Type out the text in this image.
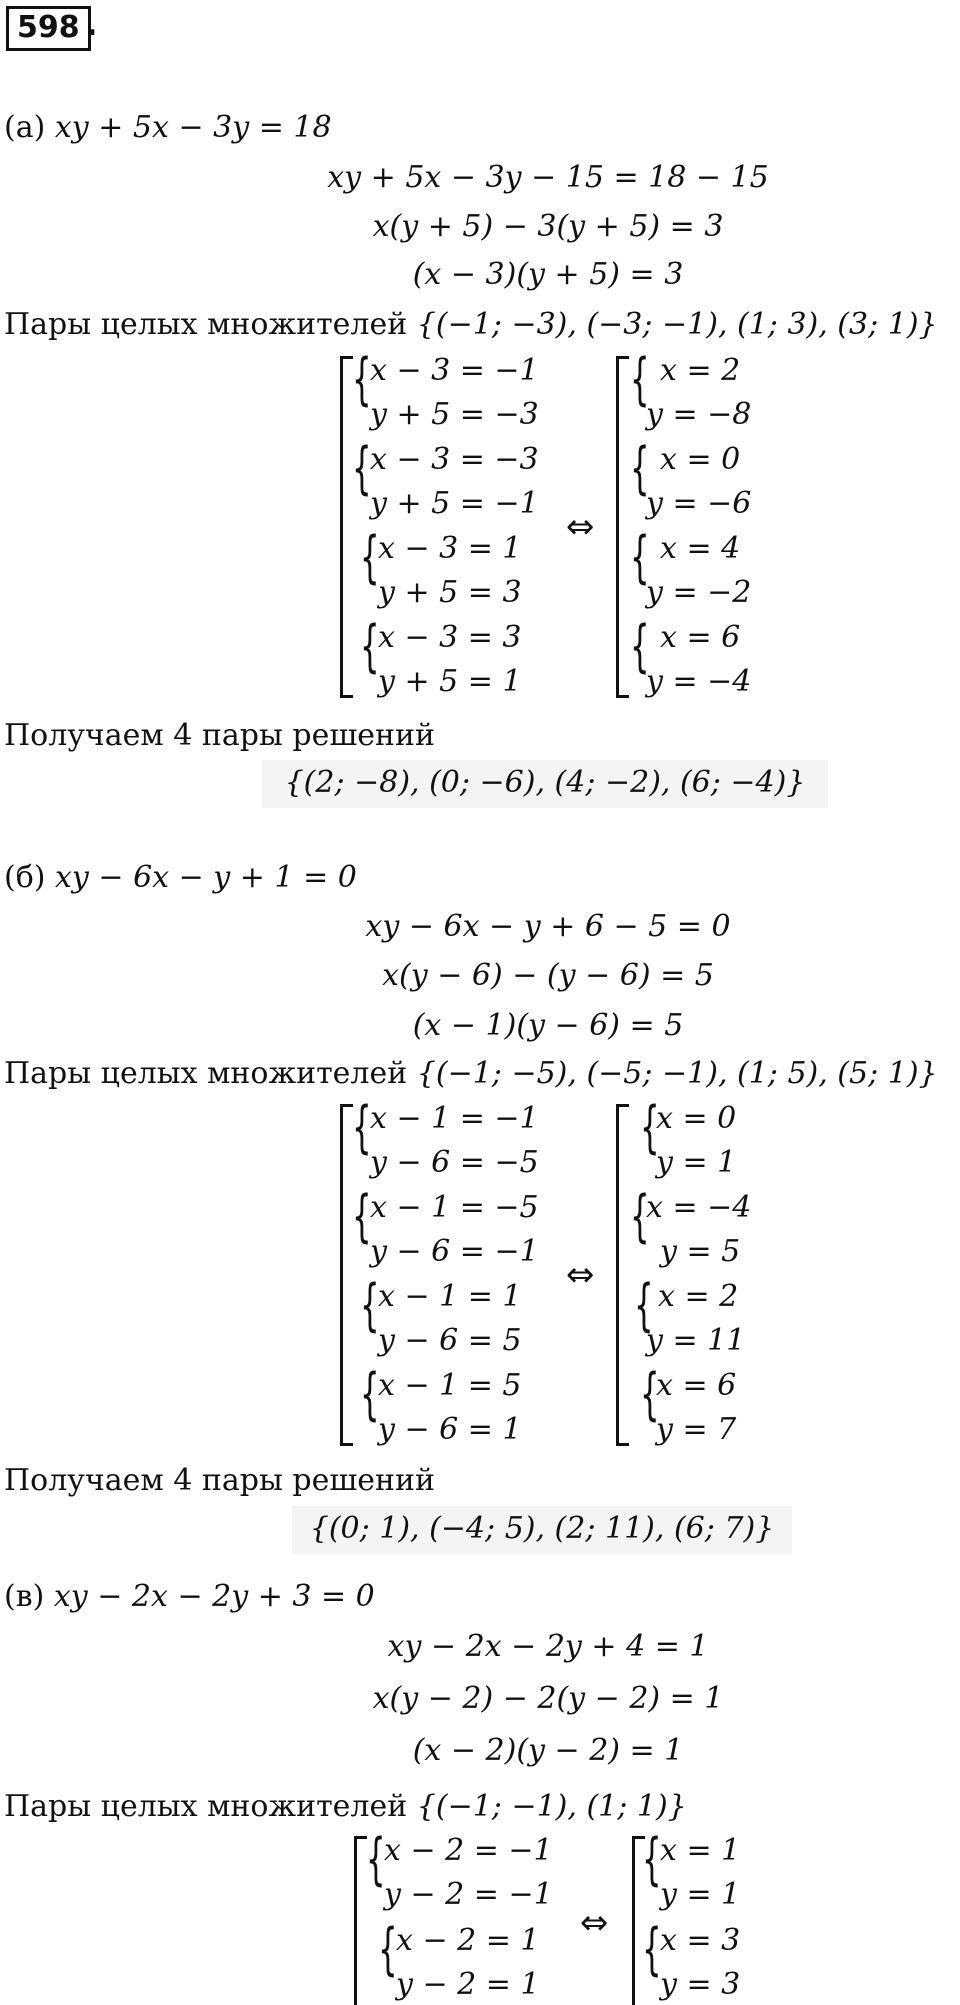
598 .
(а) xy + 5x − 3y = 18
xy + 5x − 3y − 15 = 18 − 15
x(y + 5) − 3(y + 5) = 3
(x − 3)(y + 5) = 3
Пары целых множителей {(−1; −3), (−3; −1), (1; 3), (3; 1)}
{
x − 3 = −1
y + 5 = −3
{
x − 3 = −3
y + 5 = −1
{
x − 3 = 1
y + 5 = 3
{
x − 3 = 3
y + 5 = 1
⇔
{ x = 2
y = −8
{ x = 0
y = −6
{ x = 4
y = −2
{ x = 6
y = −4
Получаем 4 пары решений
{(2; −8), (0; −6), (4; −2), (6; −4)}
(б) xy − 6x − y + 1 = 0
xy − 6x − y + 6 − 5 = 0
x(y − 6) − (y − 6) = 5
(x − 1)(y − 6) = 5
Пары целых множителей {(−1; −5), (−5; −1), (1; 5), (5; 1)}
{
x − 1 = −1
y − 6 = −5
{
x − 1 = −5
y − 6 = −1
{
x − 1 = 1
y − 6 = 5
{
x − 1 = 5
y − 6 = 1
⇔
{
x = 0
y = 1
{
x = −4
y = 5
{ x = 2
y = 11
{
x = 6
y = 7
Получаем 4 пары решений
{(0; 1), (−4; 5), (2; 11), (6; 7)}
(в) xy − 2x − 2y + 3 = 0
xy − 2x − 2y + 4 = 1
x(y − 2) − 2(y − 2) = 1
(x − 2)(y − 2) = 1
Пары целых множителей {(−1; −1), (1; 1)}
{
x − 2 = −1
y − 2 = −1
{
x − 2 = 1
y − 2 = 1
⇔
{
x = 1
y = 1
{
x = 3
y = 3
